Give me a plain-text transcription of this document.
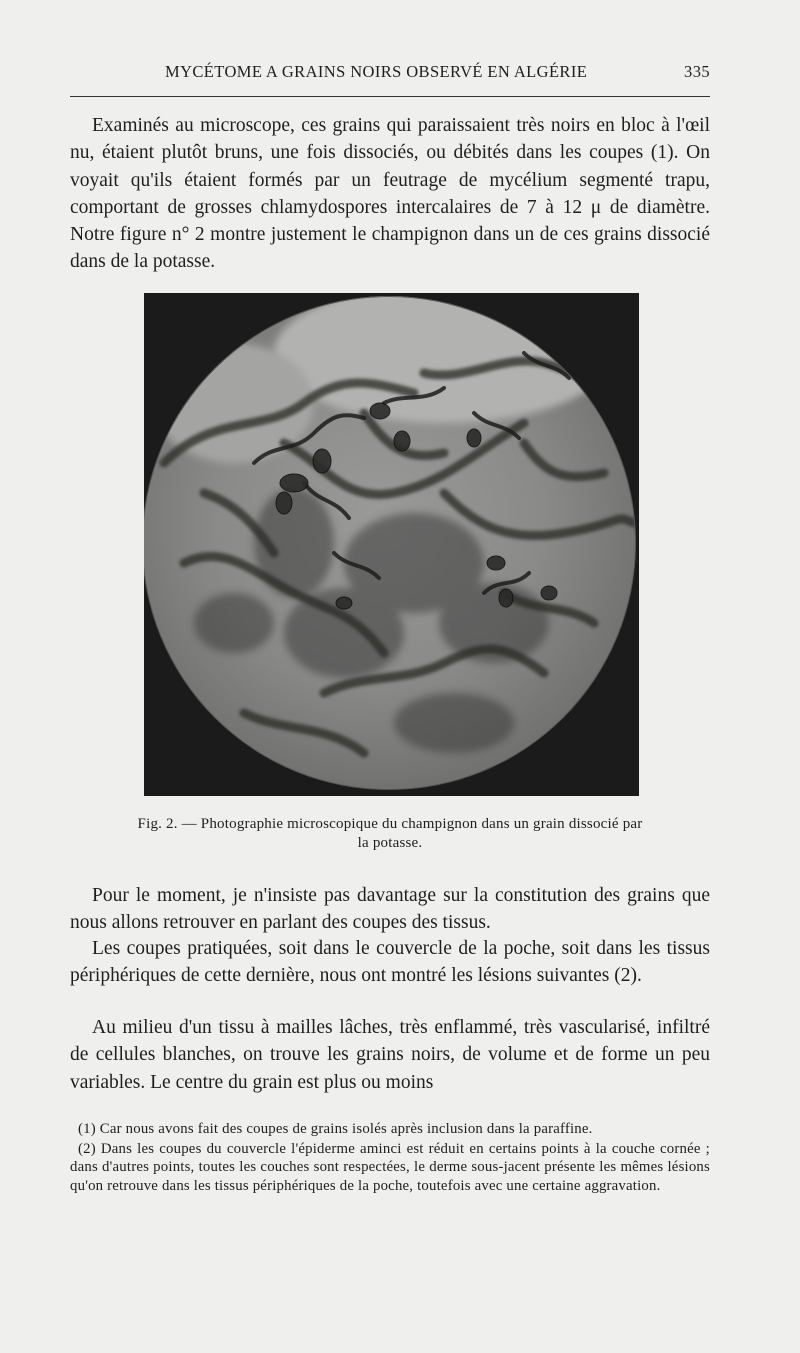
MYCÉTOME A GRAINS NOIRS OBSERVÉ EN ALGÉRIE	335

Examinés au microscope, ces grains qui paraissaient très noirs en bloc à l'œil nu, étaient plutôt bruns, une fois dissociés, ou débités dans les coupes (1). On voyait qu'ils étaient formés par un feutrage de mycélium segmenté trapu, comportant de grosses chlamydospores intercalaires de 7 à 12 μ de diamètre. Notre figure n° 2 montre justement le champignon dans un de ces grains dissocié dans de la potasse.

Fig. 2. — Photographie microscopique du champignon dans un grain dissocié par
la potasse.

Pour le moment, je n'insiste pas davantage sur la constitution des grains que nous allons retrouver en parlant des coupes des tissus.

Les coupes pratiquées, soit dans le couvercle de la poche, soit dans les tissus périphériques de cette dernière, nous ont montré les lésions suivantes (2).

Au milieu d'un tissu à mailles lâches, très enflammé, très vascularisé, infiltré de cellules blanches, on trouve les grains noirs, de volume et de forme un peu variables. Le centre du grain est plus ou moins

(1) Car nous avons fait des coupes de grains isolés après inclusion dans la paraffine.

(2) Dans les coupes du couvercle l'épiderme aminci est réduit en certains points à la couche cornée ; dans d'autres points, toutes les couches sont respectées, le derme sous-jacent présente les mêmes lésions qu'on retrouve dans les tissus périphériques de la poche, toutefois avec une certaine aggravation.
